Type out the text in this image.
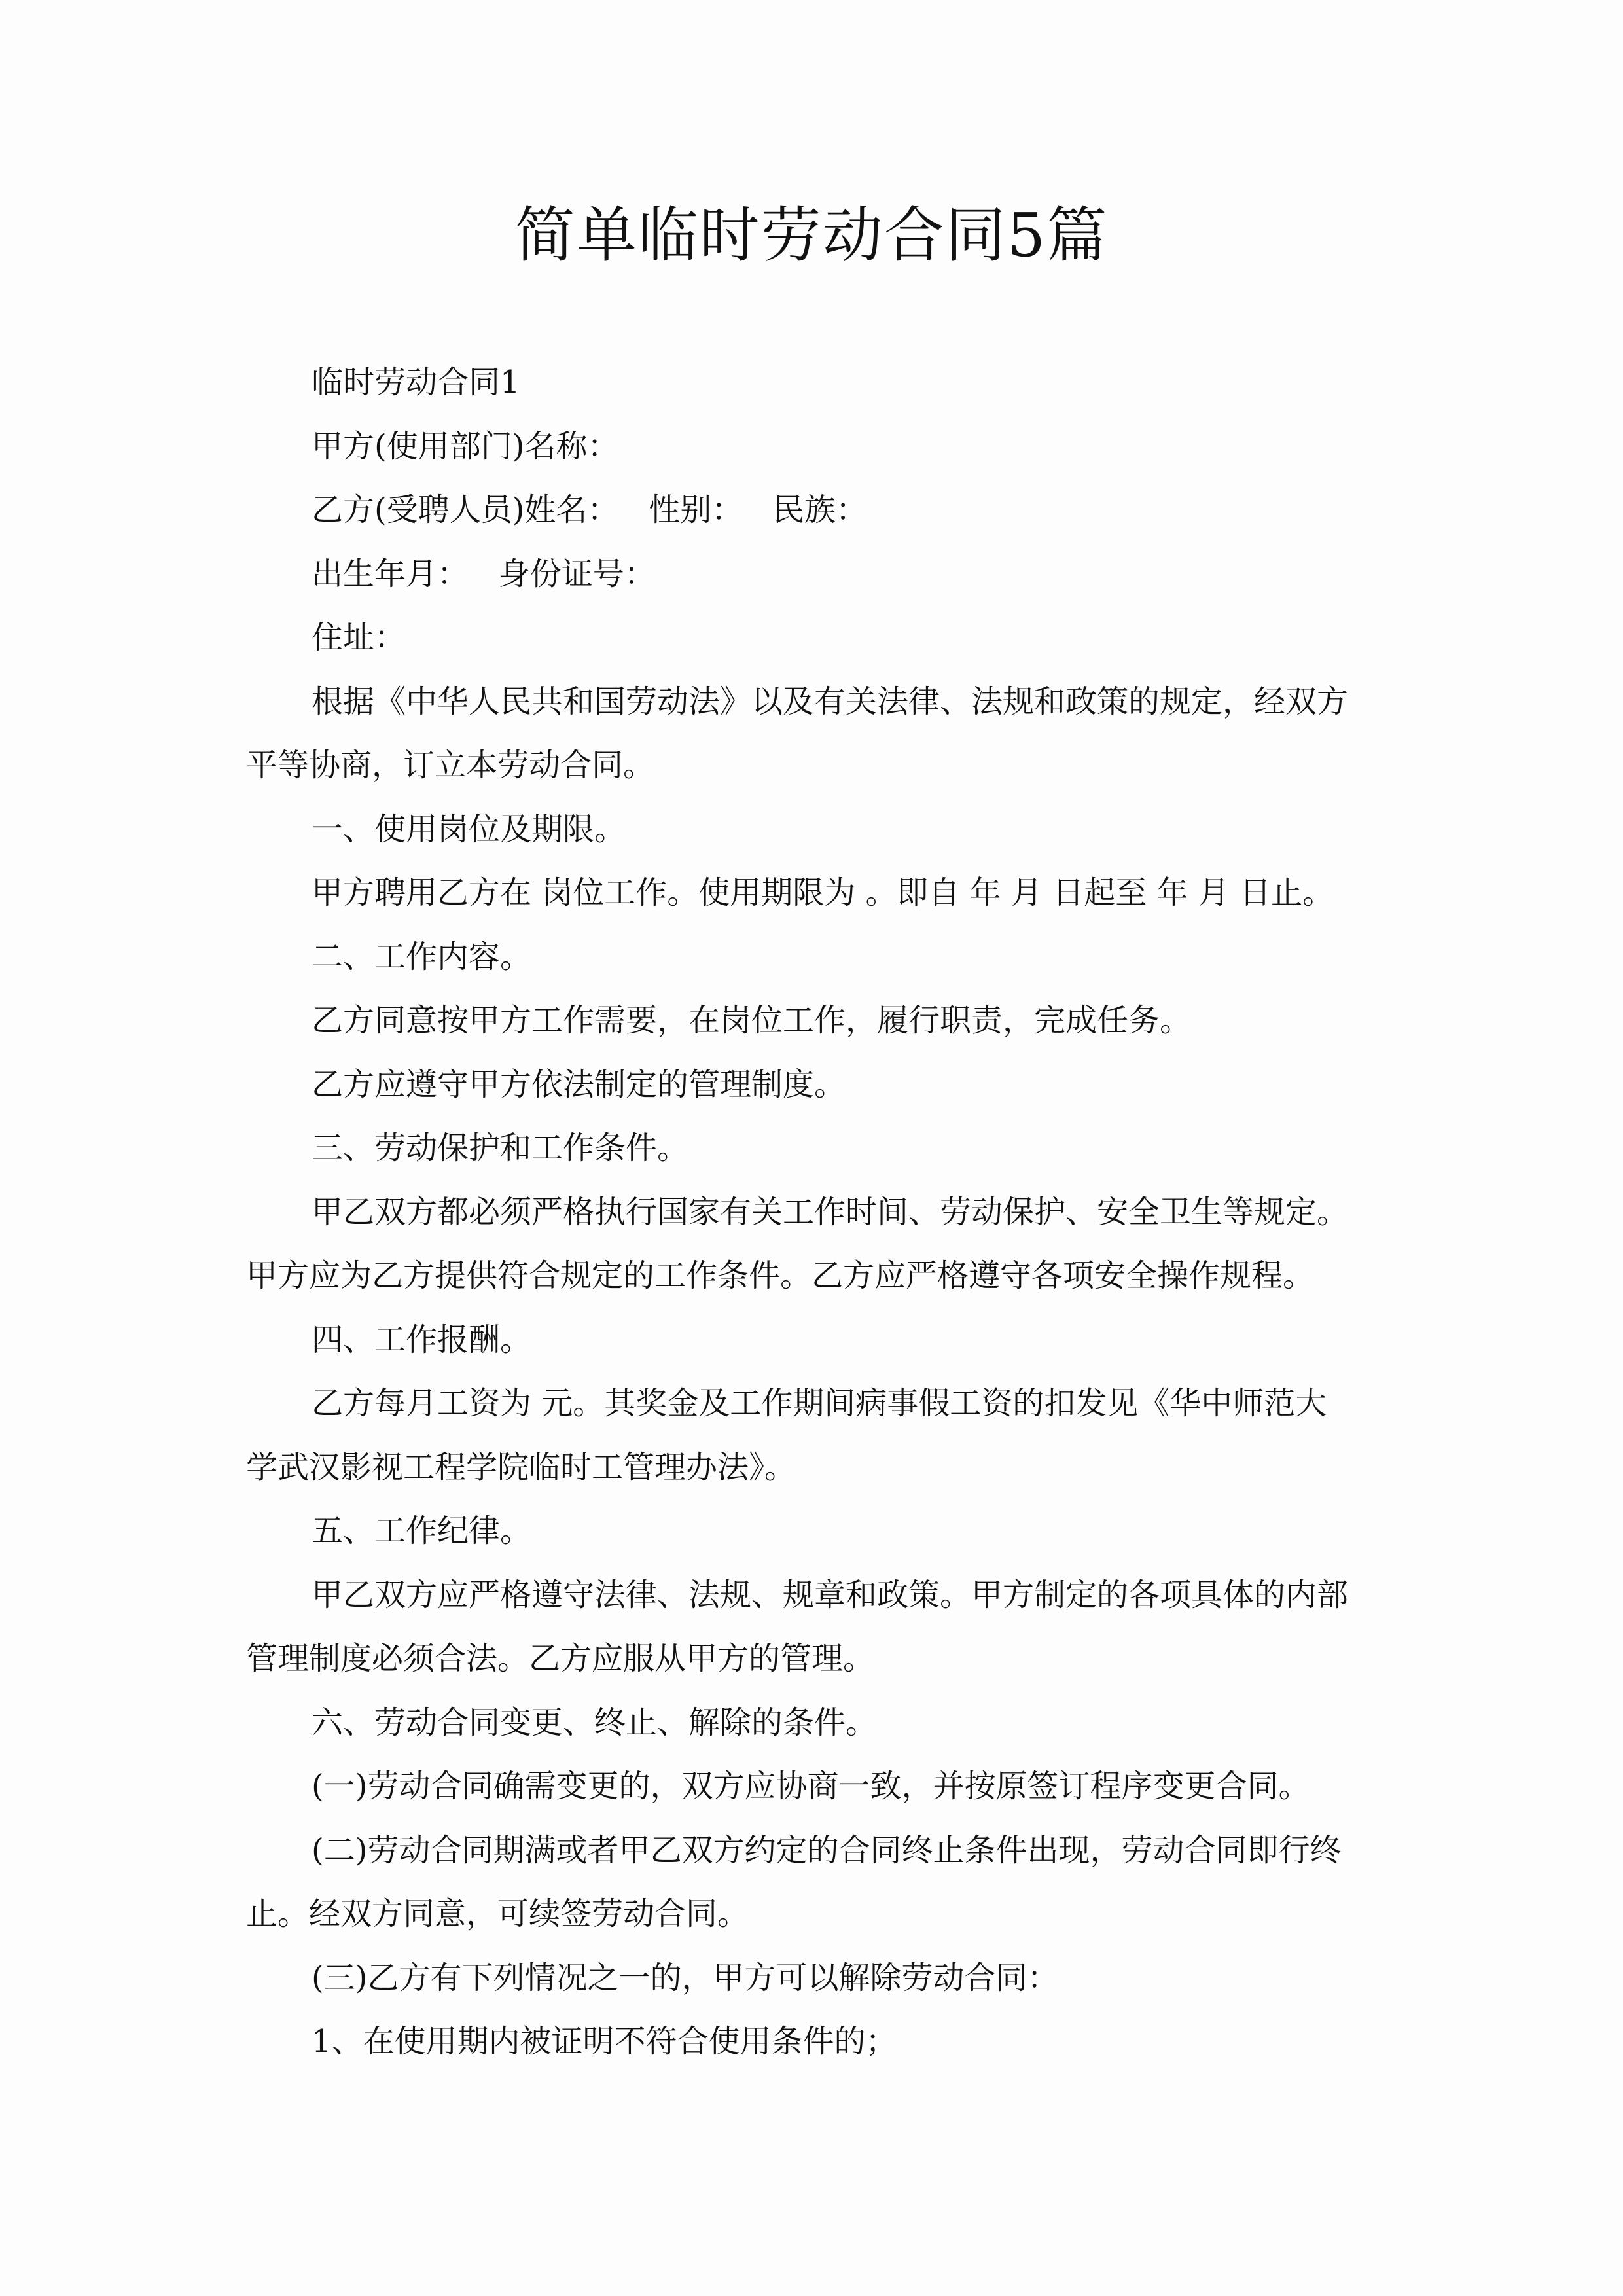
简单临时劳动合同5篇

临时劳动合同1

甲方(使用部门)名称：

乙方(受聘人员)姓名：   性别：   民族：

出生年月：   身份证号：

住址：

根据《中华人民共和国劳动法》以及有关法律、法规和政策的规定，经双方

平等协商，订立本劳动合同。

一、使用岗位及期限。

甲方聘用乙方在 岗位工作。使用期限为 。即自 年 月 日起至 年 月 日止。

二、工作内容。

乙方同意按甲方工作需要，在岗位工作，履行职责，完成任务。

乙方应遵守甲方依法制定的管理制度。

三、劳动保护和工作条件。

甲乙双方都必须严格执行国家有关工作时间、劳动保护、安全卫生等规定。

甲方应为乙方提供符合规定的工作条件。乙方应严格遵守各项安全操作规程。

四、工作报酬。

乙方每月工资为 元。其奖金及工作期间病事假工资的扣发见《华中师范大

学武汉影视工程学院临时工管理办法》。

五、工作纪律。

甲乙双方应严格遵守法律、法规、规章和政策。甲方制定的各项具体的内部

管理制度必须合法。乙方应服从甲方的管理。

六、劳动合同变更、终止、解除的条件。

(一)劳动合同确需变更的，双方应协商一致，并按原签订程序变更合同。

(二)劳动合同期满或者甲乙双方约定的合同终止条件出现，劳动合同即行终

止。经双方同意，可续签劳动合同。

(三)乙方有下列情况之一的，甲方可以解除劳动合同：

1、在使用期内被证明不符合使用条件的；
